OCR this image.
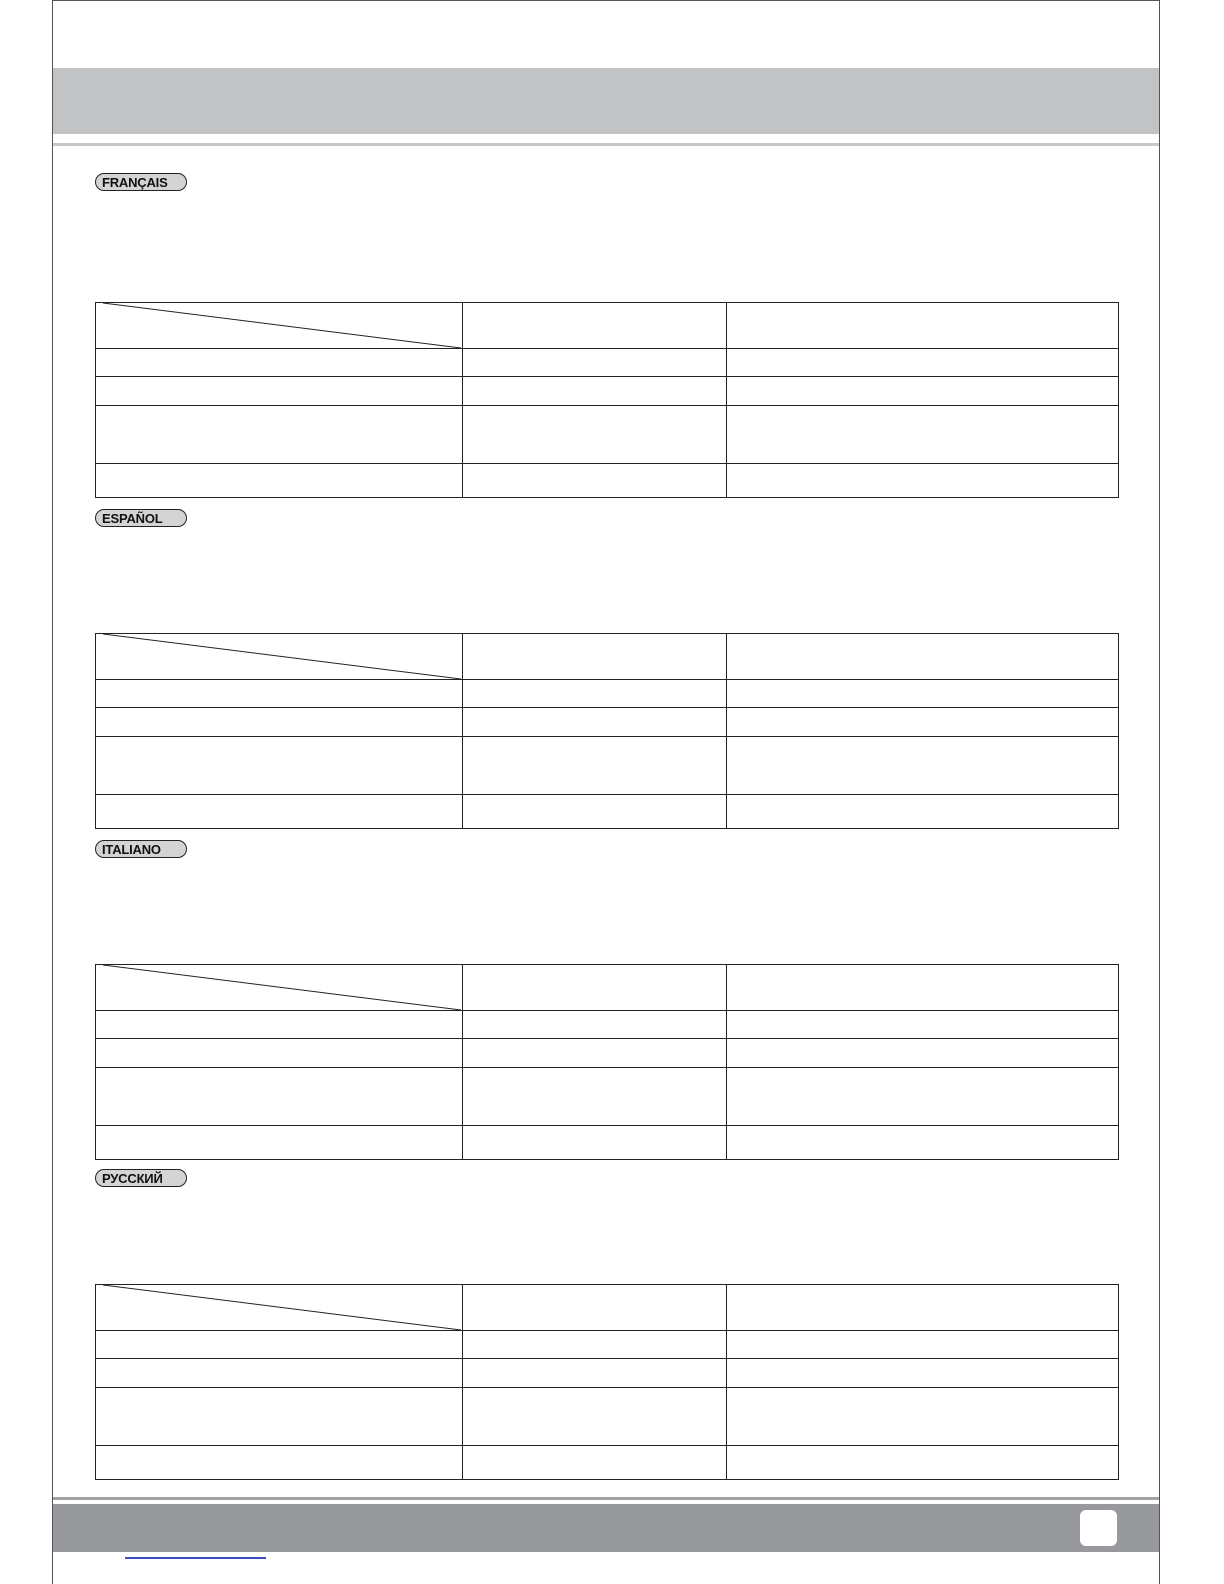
FRANÇAIS

ESPAÑOL

ITALIANO

РУССКИЙ
